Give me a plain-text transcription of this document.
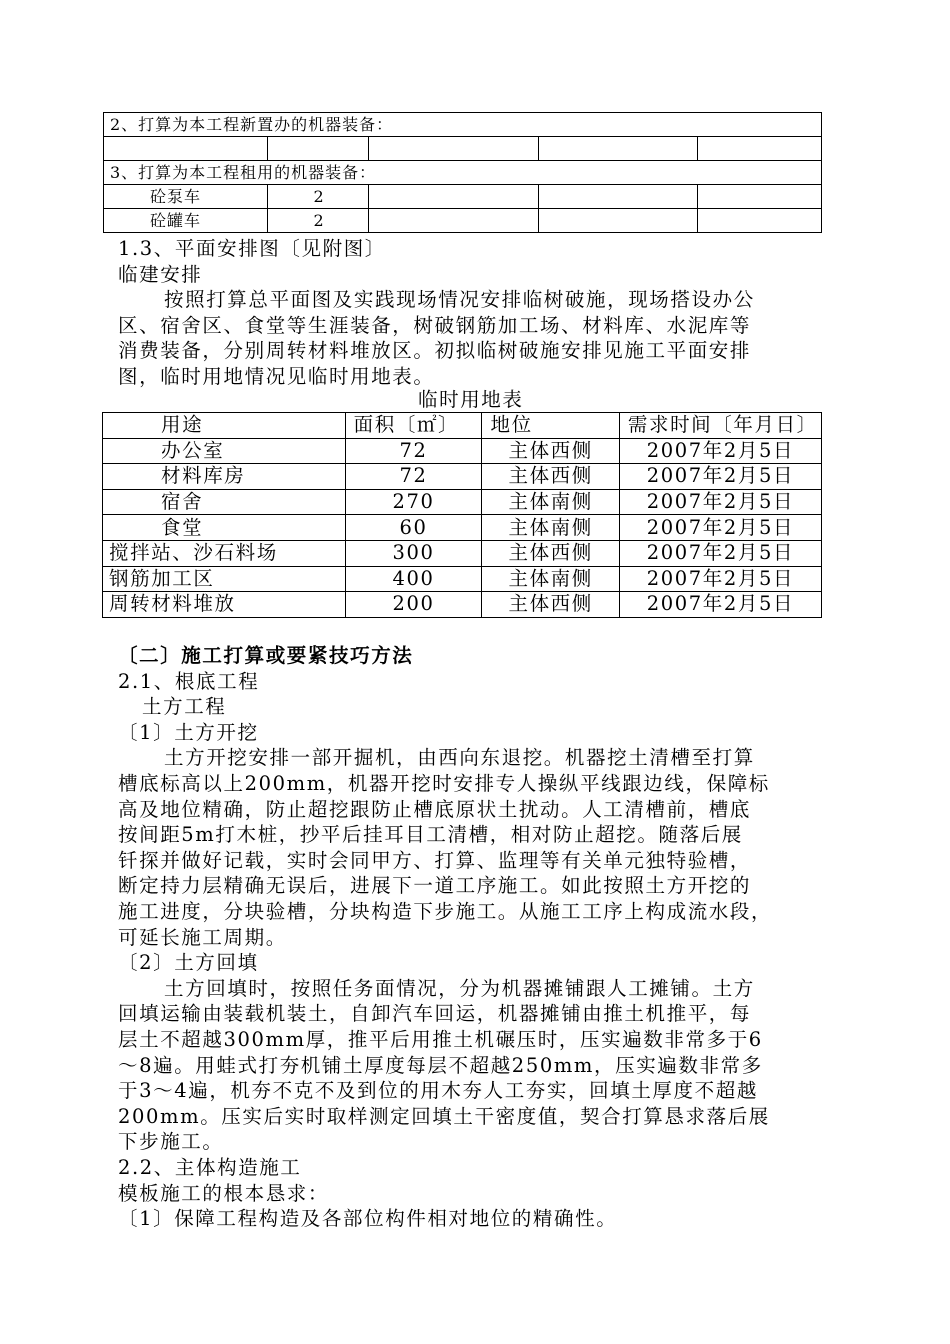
2、打算为本工程新置办的机器装备：				

3、打算为本工程租用的机器装备：				
砼泵车	2			
砼罐车	2			
1.3、平面安排图〔见附图〕
临建安排
按照打算总平面图及实践现场情况安排临树破施，现场搭设办公
区、宿舍区、食堂等生涯装备，树破钢筋加工场、材料库、水泥库等
消费装备，分别周转材料堆放区。初拟临树破施安排见施工平面安排
图，临时用地情况见临时用地表。
临时用地表
用途	面积〔㎡〕	地位	需求时间〔年月日〕
办公室	72	主体西侧	2007年2月5日
材料库房	72	主体西侧	2007年2月5日
宿舍	270	主体南侧	2007年2月5日
食堂	60	主体南侧	2007年2月5日
搅拌站、沙石料场	300	主体西侧	2007年2月5日
钢筋加工区	400	主体南侧	2007年2月5日
周转材料堆放	200	主体西侧	2007年2月5日
〔二〕施工打算或要紧技巧方法
2.1、根底工程
土方工程
〔1〕土方开挖
土方开挖安排一部开掘机，由西向东退挖。机器挖土清槽至打算
槽底标高以上200mm，机器开挖时安排专人操纵平线跟边线，保障标
高及地位精确，防止超挖跟防止槽底原状土扰动。人工清槽前，槽底
按间距5m打木桩，抄平后挂耳目工清槽，相对防止超挖。随落后展
钎探并做好记载，实时会同甲方、打算、监理等有关单元独特验槽，
断定持力层精确无误后，进展下一道工序施工。如此按照土方开挖的
施工进度，分块验槽，分块构造下步施工。从施工工序上构成流水段，
可延长施工周期。
〔2〕土方回填
土方回填时，按照任务面情况，分为机器摊铺跟人工摊铺。土方
回填运输由装载机装土，自卸汽车回运，机器摊铺由推土机推平，每
层土不超越300mm厚，推平后用推土机碾压时，压实遍数非常多于6
～8遍。用蛙式打夯机铺土厚度每层不超越250mm，压实遍数非常多
于3～4遍，机夯不克不及到位的用木夯人工夯实，回填土厚度不超越
200mm。压实后实时取样测定回填土干密度值，契合打算恳求落后展
下步施工。
2.2、主体构造施工
模板施工的根本恳求：
〔1〕保障工程构造及各部位构件相对地位的精确性。
